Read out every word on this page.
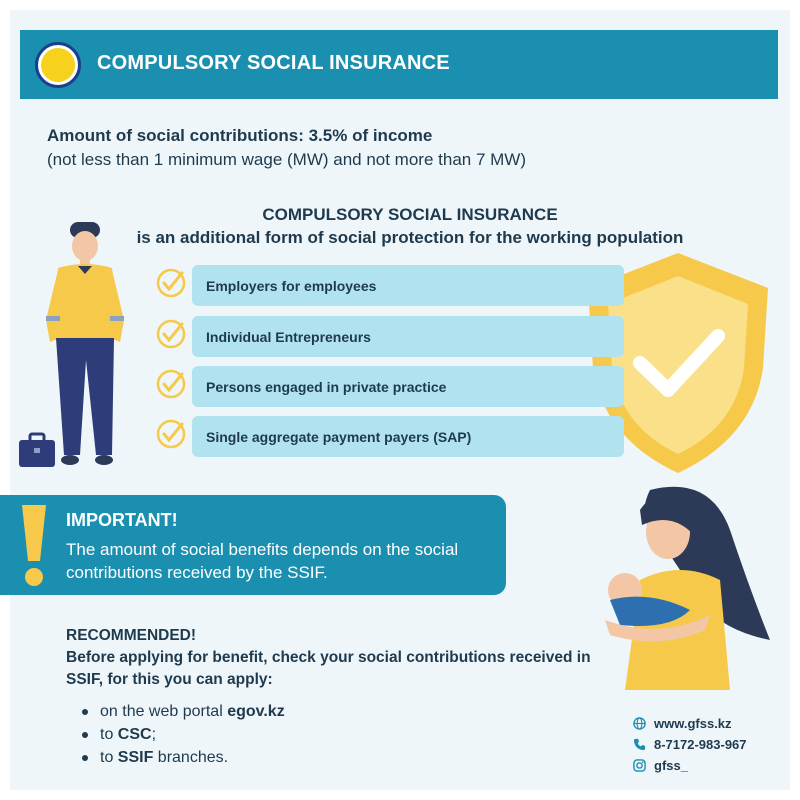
COMPULSORY SOCIAL INSURANCE
Amount of social contributions: 3.5% of income
(not less than 1 minimum wage (MW) and not more than 7 MW)
COMPULSORY SOCIAL INSURANCE
is an additional form of social protection for the working population
Employers for employees
Individual Entrepreneurs
Persons engaged in private practice
Single aggregate payment payers (SAP)
IMPORTANT!
The amount of social benefits depends on the social contributions received by the SSIF.
RECOMMENDED!
Before applying for benefit, check your social contributions received in SSIF, for this you can apply:
on the web portal egov.kz
to CSC;
to SSIF branches.
www.gfss.kz
8-7172-983-967
gfss_
